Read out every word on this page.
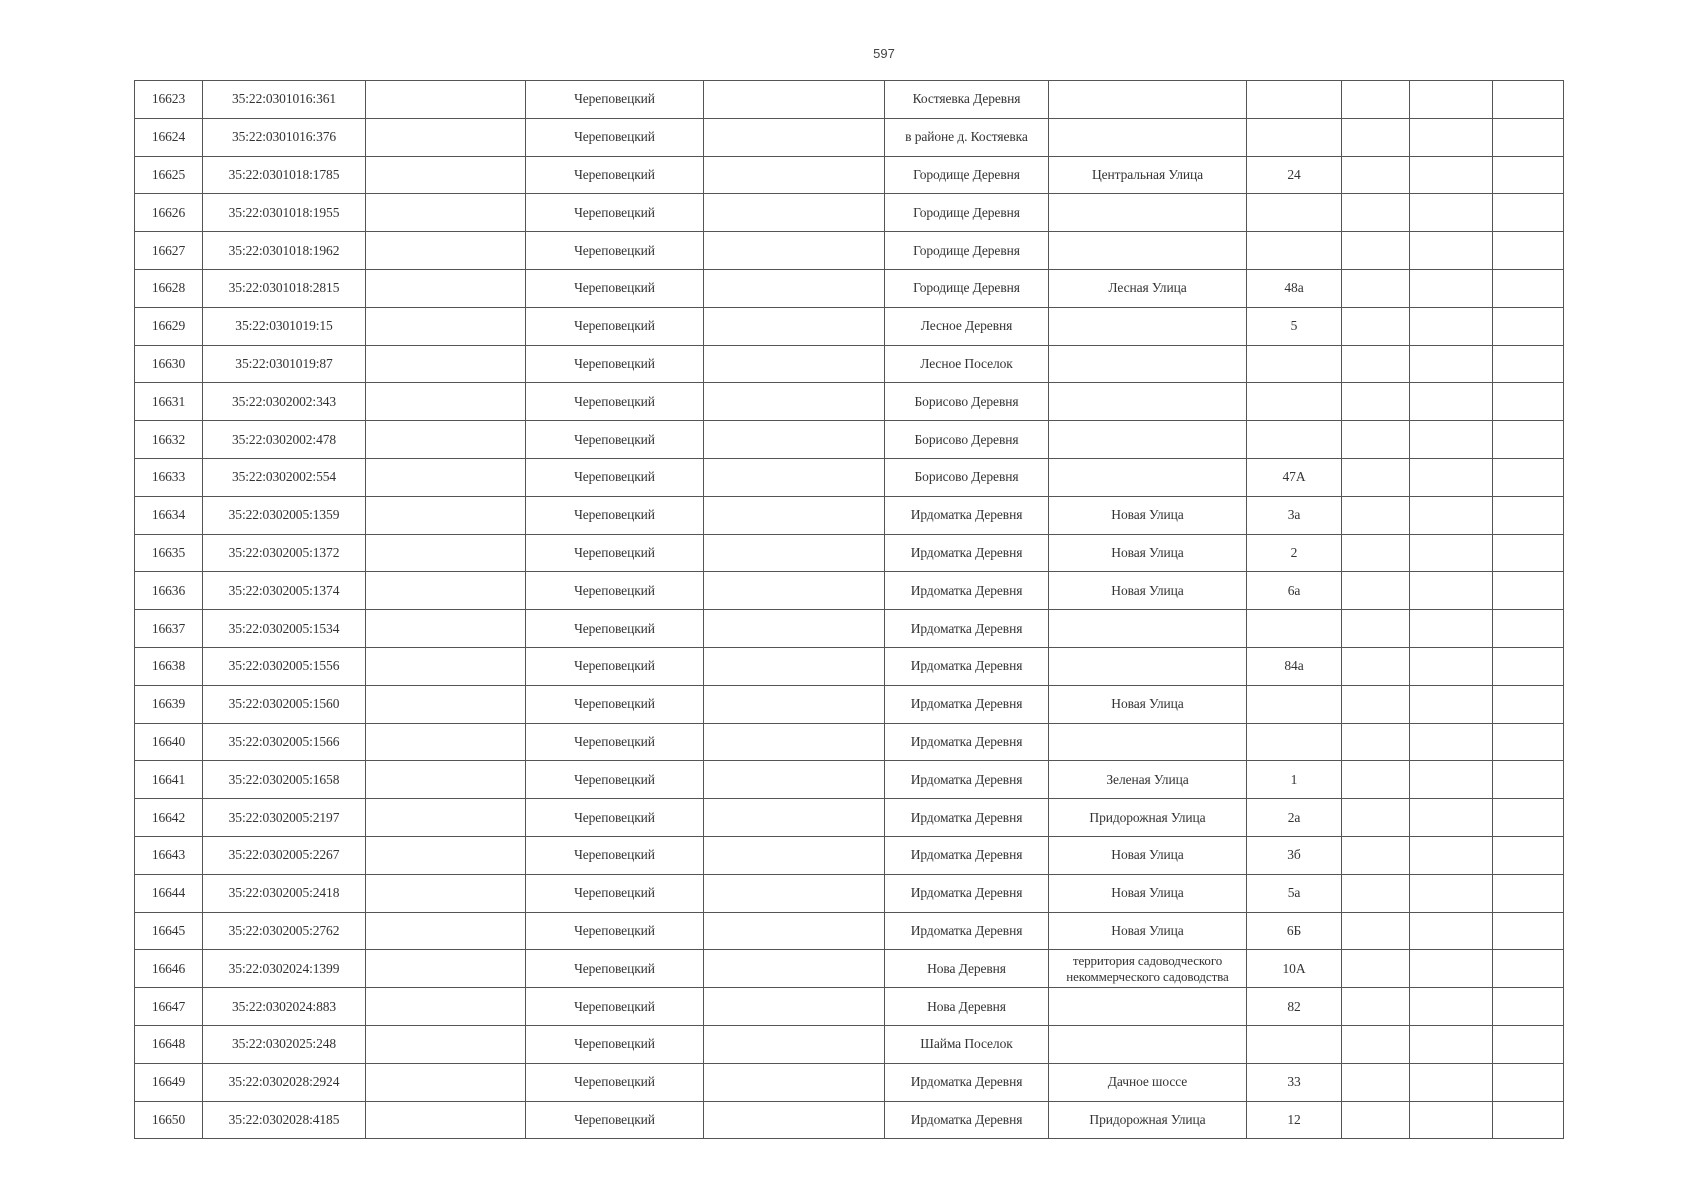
597
16623	35:22:0301016:361		Череповецкий		Костяевка Деревня					
16624	35:22:0301016:376		Череповецкий		в районе д. Костяевка					
16625	35:22:0301018:1785		Череповецкий		Городище Деревня	Центральная Улица	24			
16626	35:22:0301018:1955		Череповецкий		Городище Деревня					
16627	35:22:0301018:1962		Череповецкий		Городище Деревня					
16628	35:22:0301018:2815		Череповецкий		Городище Деревня	Лесная Улица	48а			
16629	35:22:0301019:15		Череповецкий		Лесное Деревня		5			
16630	35:22:0301019:87		Череповецкий		Лесное Поселок					
16631	35:22:0302002:343		Череповецкий		Борисово Деревня					
16632	35:22:0302002:478		Череповецкий		Борисово Деревня					
16633	35:22:0302002:554		Череповецкий		Борисово Деревня		47А			
16634	35:22:0302005:1359		Череповецкий		Ирдоматка Деревня	Новая Улица	3а			
16635	35:22:0302005:1372		Череповецкий		Ирдоматка Деревня	Новая Улица	2			
16636	35:22:0302005:1374		Череповецкий		Ирдоматка Деревня	Новая Улица	6а			
16637	35:22:0302005:1534		Череповецкий		Ирдоматка Деревня					
16638	35:22:0302005:1556		Череповецкий		Ирдоматка Деревня		84а			
16639	35:22:0302005:1560		Череповецкий		Ирдоматка Деревня	Новая Улица				
16640	35:22:0302005:1566		Череповецкий		Ирдоматка Деревня					
16641	35:22:0302005:1658		Череповецкий		Ирдоматка Деревня	Зеленая Улица	1			
16642	35:22:0302005:2197		Череповецкий		Ирдоматка Деревня	Придорожная Улица	2а			
16643	35:22:0302005:2267		Череповецкий		Ирдоматка Деревня	Новая Улица	3б			
16644	35:22:0302005:2418		Череповецкий		Ирдоматка Деревня	Новая Улица	5а			
16645	35:22:0302005:2762		Череповецкий		Ирдоматка Деревня	Новая Улица	6Б			
16646	35:22:0302024:1399		Череповецкий		Нова Деревня	территория садоводческого некоммерческого садоводства	10А			
16647	35:22:0302024:883		Череповецкий		Нова Деревня		82			
16648	35:22:0302025:248		Череповецкий		Шайма Поселок					
16649	35:22:0302028:2924		Череповецкий		Ирдоматка Деревня	Дачное шоссе	33			
16650	35:22:0302028:4185		Череповецкий		Ирдоматка Деревня	Придорожная Улица	12			
